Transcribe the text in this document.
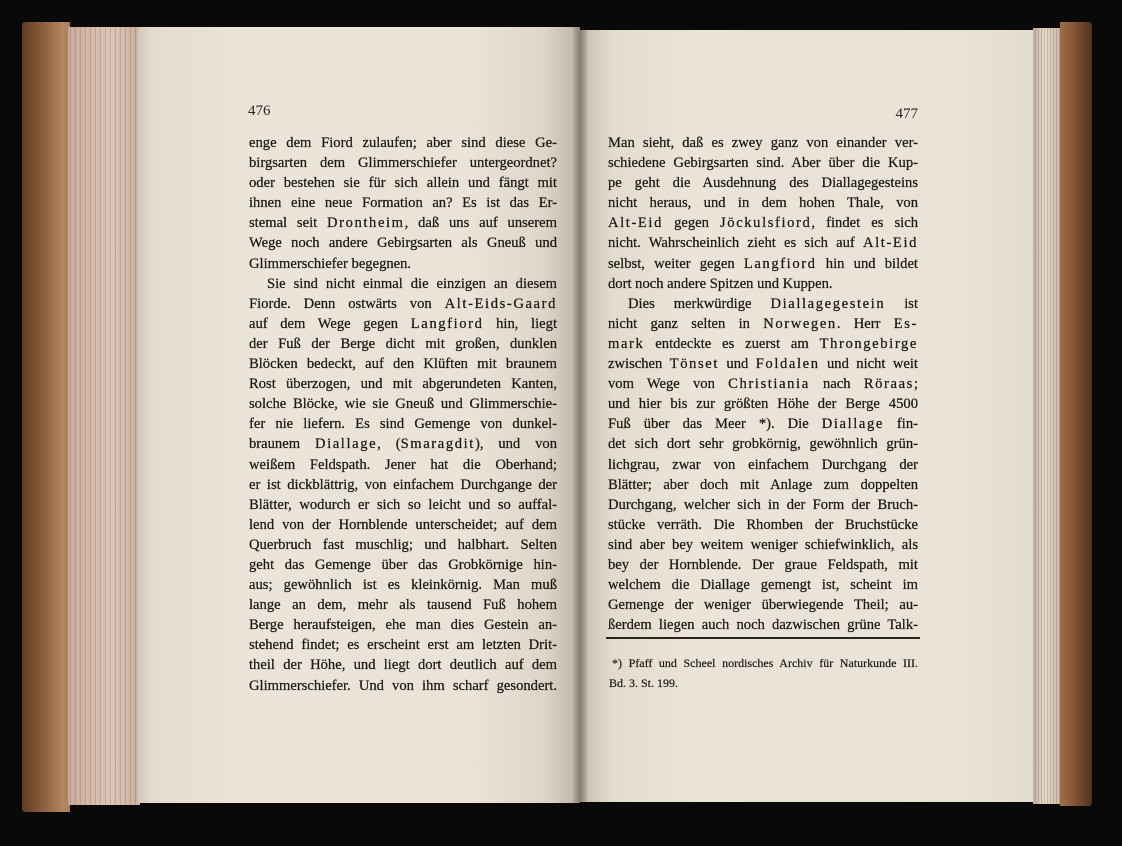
476	477
enge dem Fiord zulaufen; aber sind diese Ge-
birgsarten dem Glimmerschiefer untergeordnet?
oder bestehen sie für sich allein und fängt mit
ihnen eine neue Formation an? Es ist das Er-
stemal seit Drontheim, daß uns auf unserem
Wege noch andere Gebirgsarten als Gneuß und
Glimmerschiefer begegnen.
Sie sind nicht einmal die einzigen an diesem
Fiorde. Denn ostwärts von Alt-Eids-Gaard
auf dem Wege gegen Langfiord hin, liegt
der Fuß der Berge dicht mit großen, dunklen
Blöcken bedeckt, auf den Klüften mit braunem
Rost überzogen, und mit abgerundeten Kanten,
solche Blöcke, wie sie Gneuß und Glimmerschie-
fer nie liefern. Es sind Gemenge von dunkel-
braunem Diallage, (Smaragdit), und von
weißem Feldspath. Jener hat die Oberhand;
er ist dickblättrig, von einfachem Durchgange der
Blätter, wodurch er sich so leicht und so auffal-
lend von der Hornblende unterscheidet; auf dem
Querbruch fast muschlig; und halbhart. Selten
geht das Gemenge über das Grobkörnige hin-
aus; gewöhnlich ist es kleinkörnig. Man muß
lange an dem, mehr als tausend Fuß hohem
Berge heraufsteigen, ehe man dies Gestein an-
stehend findet; es erscheint erst am letzten Drit-
theil der Höhe, und liegt dort deutlich auf dem
Glimmerschiefer. Und von ihm scharf gesondert.
Man sieht, daß es zwey ganz von einander ver-
schiedene Gebirgsarten sind. Aber über die Kup-
pe geht die Ausdehnung des Diallagegesteins
nicht heraus, und in dem hohen Thale, von
Alt-Eid gegen Jöckulsfiord, findet es sich
nicht. Wahrscheinlich zieht es sich auf Alt-Eid
selbst, weiter gegen Langfiord hin und bildet
dort noch andere Spitzen und Kuppen.
Dies merkwürdige Diallagegestein ist
nicht ganz selten in Norwegen. Herr Es-
mark entdeckte es zuerst am Throngebirge
zwischen Tönset und Foldalen und nicht weit
vom Wege von Christiania nach Röraas;
und hier bis zur größten Höhe der Berge 4500
Fuß über das Meer *). Die Diallage fin-
det sich dort sehr grobkörnig, gewöhnlich grün-
lichgrau, zwar von einfachem Durchgang der
Blätter; aber doch mit Anlage zum doppelten
Durchgang, welcher sich in der Form der Bruch-
stücke verräth. Die Rhomben der Bruchstücke
sind aber bey weitem weniger schiefwinklich, als
bey der Hornblende. Der graue Feldspath, mit
welchem die Diallage gemengt ist, scheint im
Gemenge der weniger überwiegende Theil; au-
ßerdem liegen auch noch dazwischen grüne Talk-
*) Pfaff und Scheel nordisches Archiv für Naturkunde III.
Bd. 3. St. 199.
